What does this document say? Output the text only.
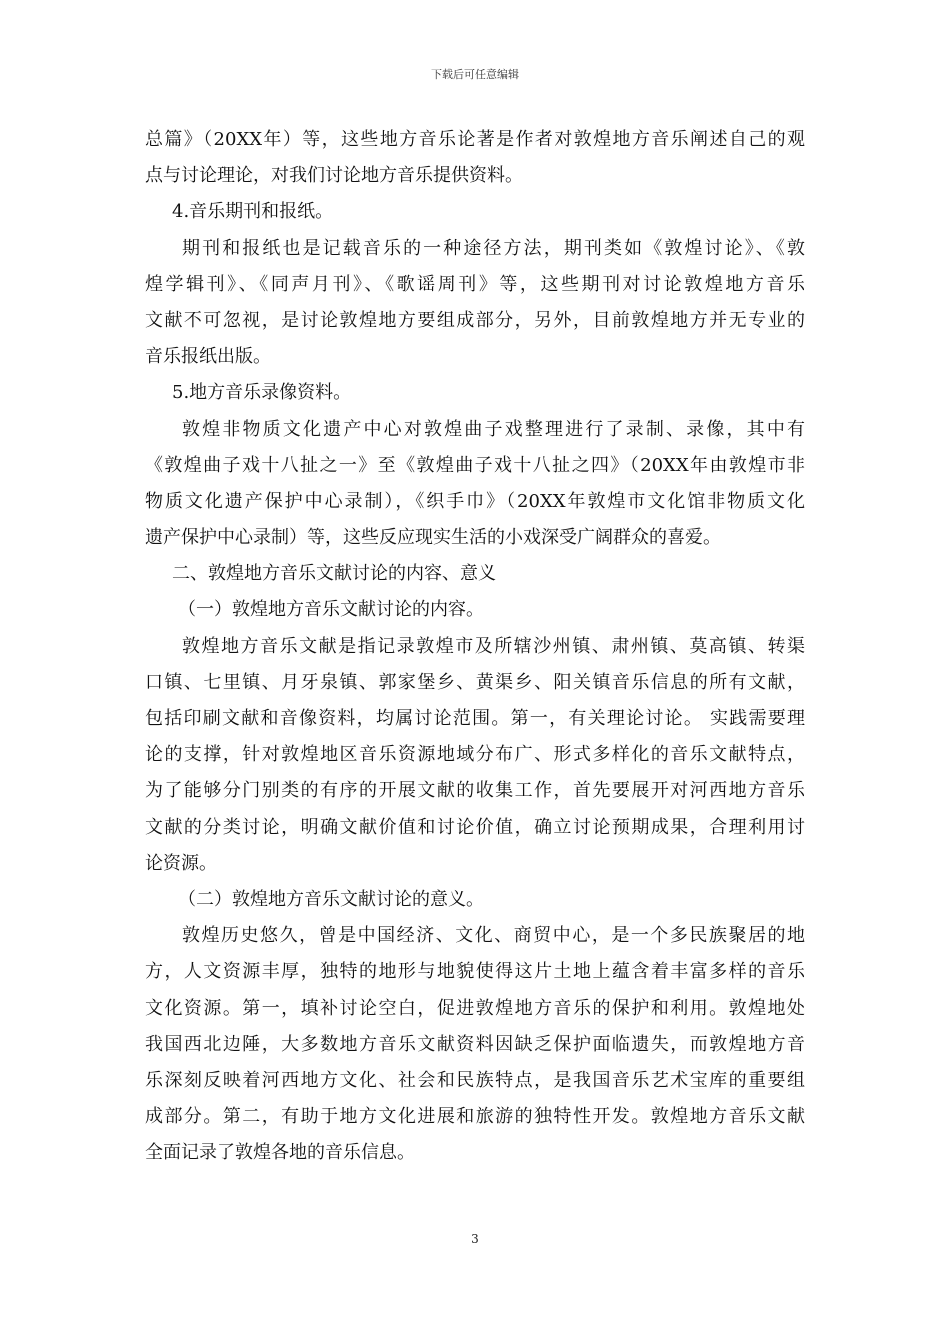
下载后可任意编辑
总篇》（20XX年）等，这些地方音乐论著是作者对敦煌地方音乐阐述自己的观
点与讨论理论，对我们讨论地方音乐提供资料。
4.音乐期刊和报纸。
期刊和报纸也是记载音乐的一种途径方法，期刊类如《敦煌讨论》、《敦
煌学辑刊》、《同声月刊》、《歌谣周刊》等，这些期刊对讨论敦煌地方音乐
文献不可忽视，是讨论敦煌地方要组成部分，另外，目前敦煌地方并无专业的
音乐报纸出版。
5.地方音乐录像资料。
敦煌非物质文化遗产中心对敦煌曲子戏整理进行了录制、录像，其中有
《敦煌曲子戏十八扯之一》至《敦煌曲子戏十八扯之四》（20XX年由敦煌市非
物质文化遗产保护中心录制），《织手巾》（20XX年敦煌市文化馆非物质文化
遗产保护中心录制）等，这些反应现实生活的小戏深受广阔群众的喜爱。
二、敦煌地方音乐文献讨论的内容、意义
（一）敦煌地方音乐文献讨论的内容。
敦煌地方音乐文献是指记录敦煌市及所辖沙州镇、肃州镇、莫高镇、转渠
口镇、七里镇、月牙泉镇、郭家堡乡、黄渠乡、阳关镇音乐信息的所有文献，
包括印刷文献和音像资料，均属讨论范围。第一，有关理论讨论。 实践需要理
论的支撑，针对敦煌地区音乐资源地域分布广、形式多样化的音乐文献特点，
为了能够分门别类的有序的开展文献的收集工作，首先要展开对河西地方音乐
文献的分类讨论，明确文献价值和讨论价值，确立讨论预期成果，合理利用讨
论资源。
（二）敦煌地方音乐文献讨论的意义。
敦煌历史悠久，曾是中国经济、文化、商贸中心，是一个多民族聚居的地
方，人文资源丰厚，独特的地形与地貌使得这片土地上蕴含着丰富多样的音乐
文化资源。第一，填补讨论空白，促进敦煌地方音乐的保护和利用。敦煌地处
我国西北边陲，大多数地方音乐文献资料因缺乏保护面临遗失，而敦煌地方音
乐深刻反映着河西地方文化、社会和民族特点，是我国音乐艺术宝库的重要组
成部分。第二，有助于地方文化进展和旅游的独特性开发。敦煌地方音乐文献
全面记录了敦煌各地的音乐信息。
3
